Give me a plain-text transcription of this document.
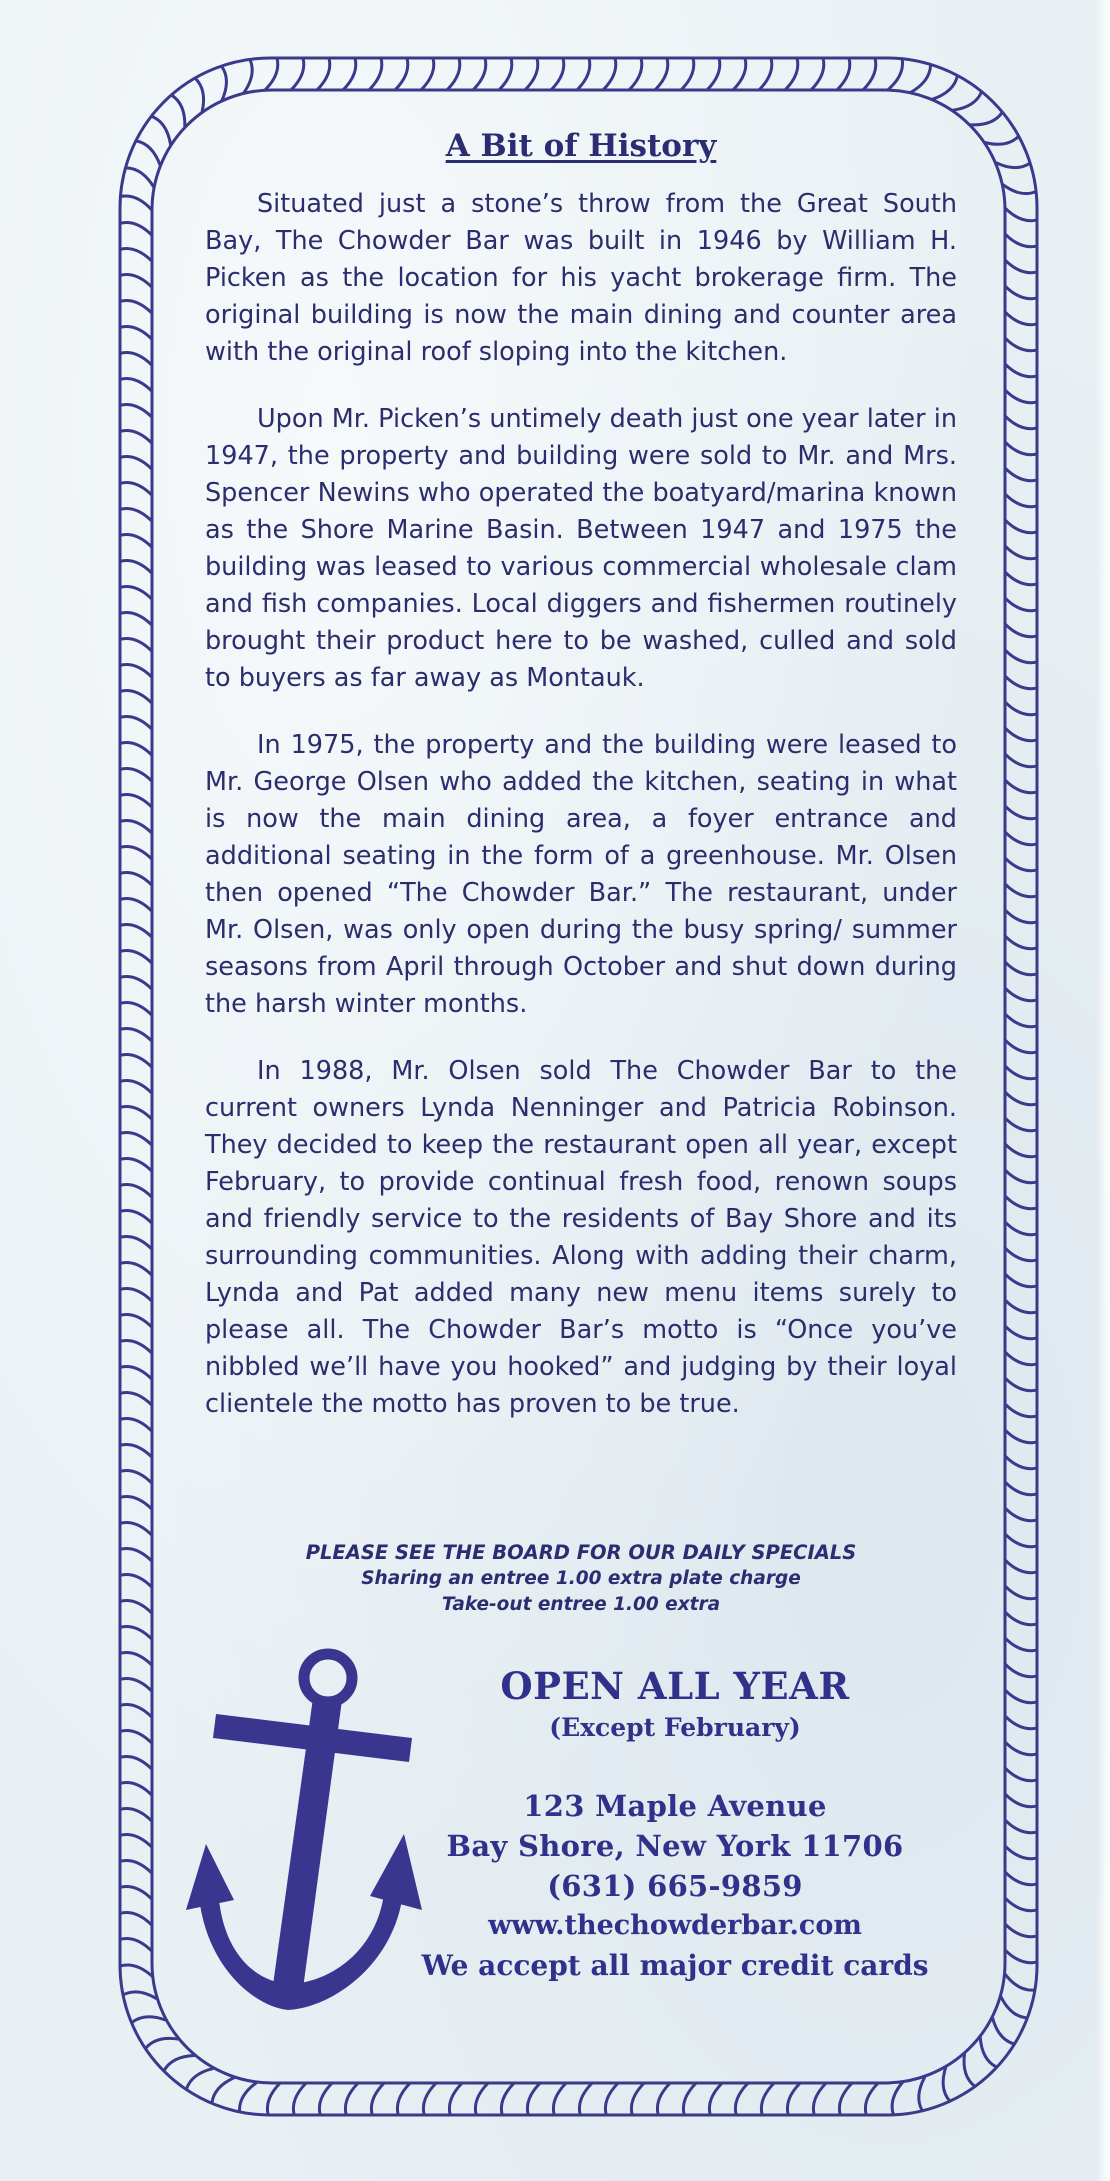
A Bit of History

Situated just a stone’s throw from the Great South Bay, The Chowder Bar was built in 1946 by William H. Picken as the location for his yacht brokerage firm. The original building is now the main dining and counter area with the original roof sloping into the kitchen.

Upon Mr. Picken’s untimely death just one year later in 1947, the property and building were sold to Mr. and Mrs. Spencer Newins who operated the boatyard/marina known as the Shore Marine Basin. Between 1947 and 1975 the building was leased to various commercial wholesale clam and fish companies. Local diggers and fishermen routinely brought their product here to be washed, culled and sold to buyers as far away as Montauk.

In 1975, the property and the building were leased to Mr. George Olsen who added the kitchen, seating in what is now the main dining area, a foyer entrance and additional seating in the form of a greenhouse. Mr. Olsen then opened “The Chowder Bar.” The restaurant, under Mr. Olsen, was only open during the busy spring/ summer seasons from April through October and shut down during the harsh winter months.

In 1988, Mr. Olsen sold The Chowder Bar to the current owners Lynda Nenninger and Patricia Robinson. They decided to keep the restaurant open all year, except February, to provide continual fresh food, renown soups and friendly service to the residents of Bay Shore and its surrounding communities. Along with adding their charm, Lynda and Pat added many new menu items surely to please all. The Chowder Bar’s motto is “Once you’ve nibbled we’ll have you hooked” and judging by their loyal clientele the motto has proven to be true.

PLEASE SEE THE BOARD FOR OUR DAILY SPECIALS
Sharing an entree 1.00 extra plate charge
Take-out entree 1.00 extra
OPEN ALL YEAR
(Except February)
123 Maple Avenue
Bay Shore, New York 11706
(631) 665-9859
www.thechowderbar.com
We accept all major credit cards
